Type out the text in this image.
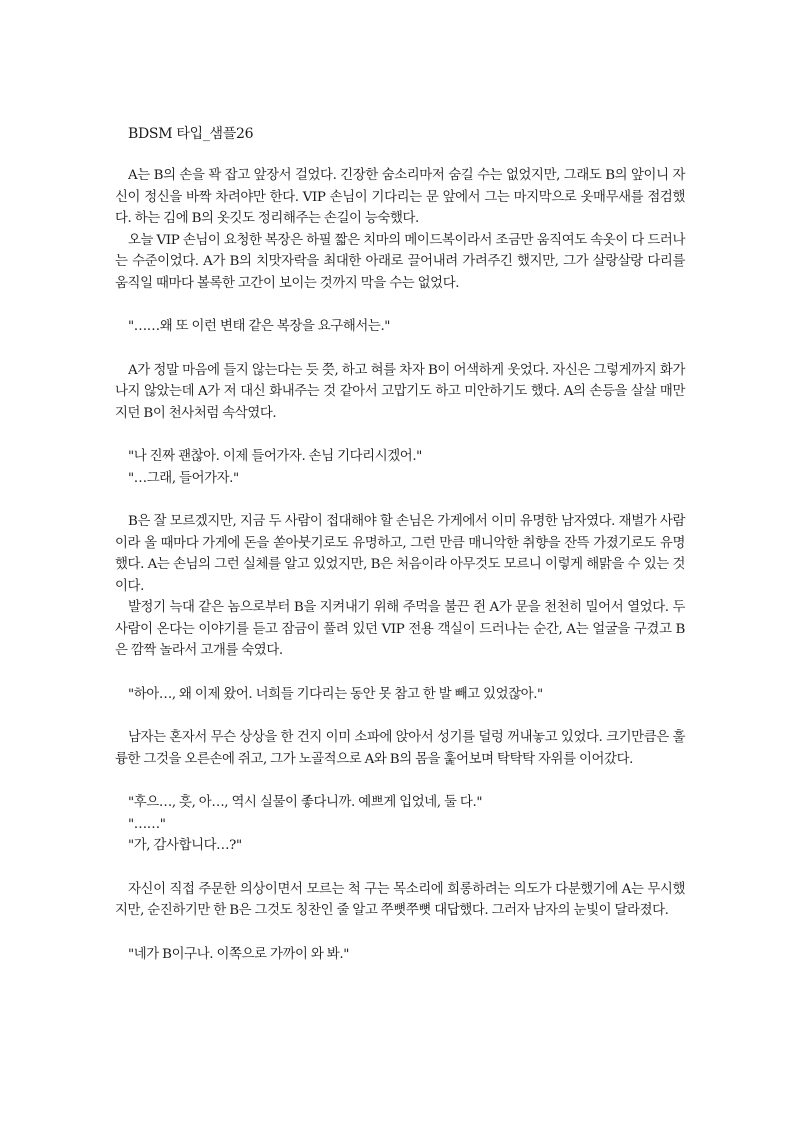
BDSM 타입_샘플26

A는 B의 손을 꽉 잡고 앞장서 걸었다. 긴장한 숨소리마저 숨길 수는 없었지만, 그래도 B의 앞이니 자신이 정신을 바짝 차려야만 한다. VIP 손님이 기다리는 문 앞에서 그는 마지막으로 옷매무새를 점검했다. 하는 김에 B의 옷깃도 정리해주는 손길이 능숙했다.

오늘 VIP 손님이 요청한 복장은 하필 짧은 치마의 메이드복이라서 조금만 움직여도 속옷이 다 드러나는 수준이었다. A가 B의 치맛자락을 최대한 아래로 끌어내려 가려주긴 했지만, 그가 살랑살랑 다리를 움직일 때마다 볼록한 고간이 보이는 것까지 막을 수는 없었다.

"……왜 또 이런 변태 같은 복장을 요구해서는."

A가 정말 마음에 들지 않는다는 듯 쯧, 하고 혀를 차자 B이 어색하게 웃었다. 자신은 그렇게까지 화가 나지 않았는데 A가 저 대신 화내주는 것 같아서 고맙기도 하고 미안하기도 했다. A의 손등을 살살 매만지던 B이 천사처럼 속삭였다.

"나 진짜 괜찮아. 이제 들어가자. 손님 기다리시겠어."

"…그래, 들어가자."

B은 잘 모르겠지만, 지금 두 사람이 접대해야 할 손님은 가게에서 이미 유명한 남자였다. 재벌가 사람이라 올 때마다 가게에 돈을 쏟아붓기로도 유명하고, 그런 만큼 매니악한 취향을 잔뜩 가졌기로도 유명했다. A는 손님의 그런 실체를 알고 있었지만, B은 처음이라 아무것도 모르니 이렇게 해맑을 수 있는 것이다.

발정기 늑대 같은 놈으로부터 B을 지켜내기 위해 주먹을 불끈 쥔 A가 문을 천천히 밀어서 열었다. 두 사람이 온다는 이야기를 듣고 잠금이 풀려 있던 VIP 전용 객실이 드러나는 순간, A는 얼굴을 구겼고 B은 깜짝 놀라서 고개를 숙였다.

"하아…, 왜 이제 왔어. 너희들 기다리는 동안 못 참고 한 발 빼고 있었잖아."

남자는 혼자서 무슨 상상을 한 건지 이미 소파에 앉아서 성기를 덜렁 꺼내놓고 있었다. 크기만큼은 훌륭한 그것을 오른손에 쥐고, 그가 노골적으로 A와 B의 몸을 훑어보며 탁탁탁 자위를 이어갔다.

"후으…, 흣, 아…, 역시 실물이 좋다니까. 예쁘게 입었네, 둘 다."

"……"

"가, 감사합니다…?"

자신이 직접 주문한 의상이면서 모르는 척 구는 목소리에 희롱하려는 의도가 다분했기에 A는 무시했지만, 순진하기만 한 B은 그것도 칭찬인 줄 알고 쭈뼛쭈뼛 대답했다. 그러자 남자의 눈빛이 달라졌다.

"네가 B이구나. 이쪽으로 가까이 와 봐."
